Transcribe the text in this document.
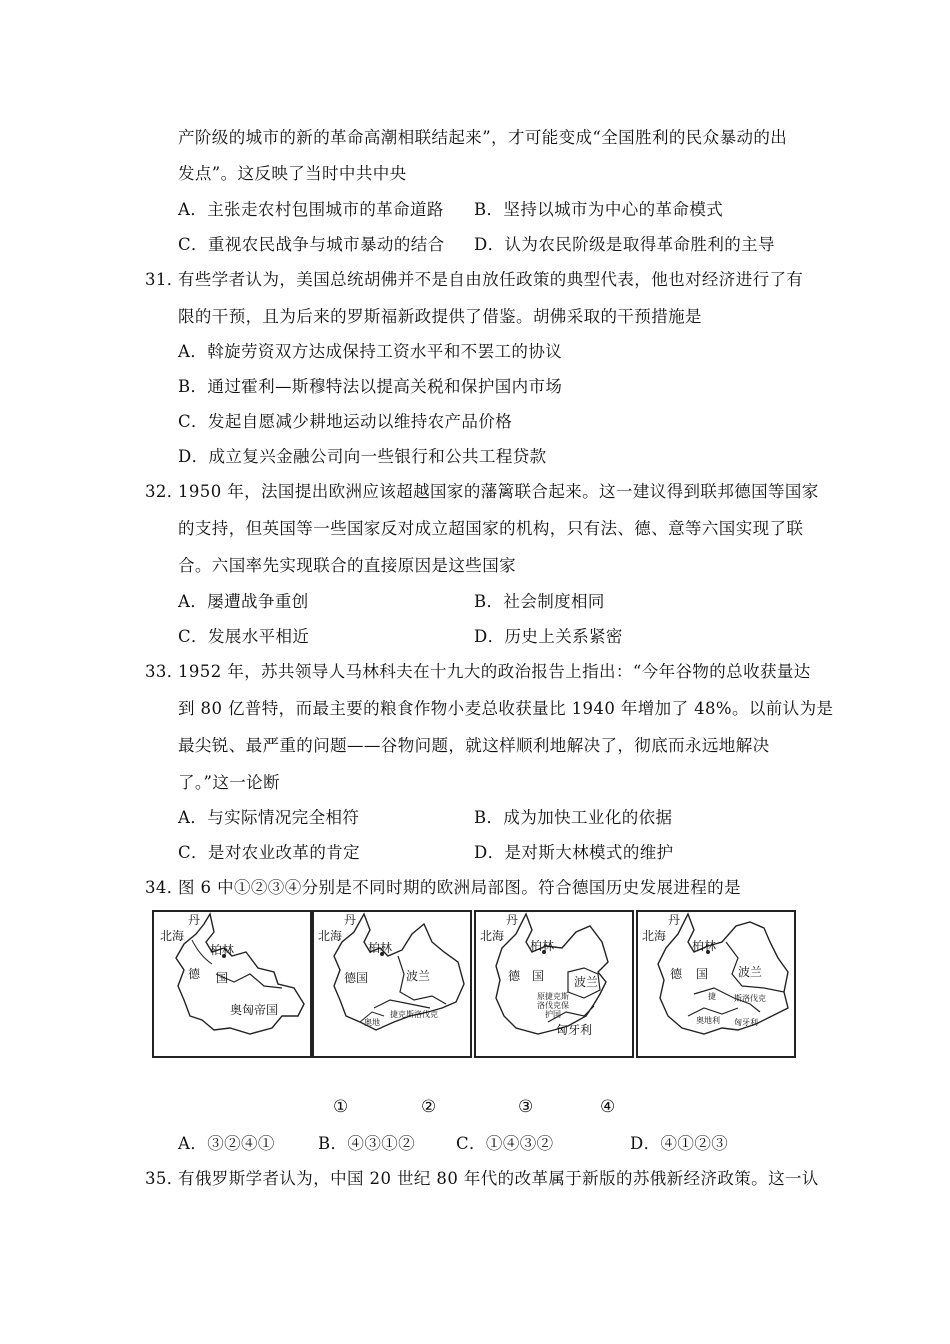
产阶级的城市的新的革命高潮相联结起来”，才可能变成“全国胜利的民众暴动的出
发点”。这反映了当时中共中央
A．主张走农村包围城市的革命道路 B．坚持以城市为中心的革命模式
C．重视农民战争与城市暴动的结合 D．认为农民阶级是取得革命胜利的主导
31．
有些学者认为，美国总统胡佛并不是自由放任政策的典型代表，他也对经济进行了有
限的干预，且为后来的罗斯福新政提供了借鉴。胡佛采取的干预措施是
A．斡旋劳资双方达成保持工资水平和不罢工的协议
B．通过霍利—斯穆特法以提高关税和保护国内市场
C．发起自愿减少耕地运动以维持农产品价格
D．成立复兴金融公司向一些银行和公共工程贷款
32．
1950 年，法国提出欧洲应该超越国家的藩篱联合起来。这一建议得到联邦德国等国家
的支持，但英国等一些国家反对成立超国家的机构，只有法、德、意等六国实现了联
合。六国率先实现联合的直接原因是这些国家
A．屡遭战争重创	B．社会制度相同
C．发展水平相近	D．历史上关系紧密
33．
1952 年，苏共领导人马林科夫在十九大的政治报告上指出：“今年谷物的总收获量达
到 80 亿普特，而最主要的粮食作物小麦总收获量比 1940 年增加了 48%。以前认为是
最尖锐、最严重的问题——谷物问题，就这样顺利地解决了，彻底而永远地解决
了。”这一论断
A．与实际情况完全相符	B．成为加快工业化的依据
C．是对农业改革的肯定	D．是对斯大林模式的维护
34．
图 6 中①②③④分别是不同时期的欧洲局部图。符合德国历史发展进程的是
丹
北海
柏林
德 国
奥匈帝国
丹
北海
柏林
德国	波兰
捷克斯洛伐克
奥地
丹
北海
柏林
德 国 波兰
原捷克斯洛伐克保护国
匈牙利
丹
北海
柏林
德 国 波兰
捷 斯洛伐克
奥地利 匈牙利
①	②	③	④
A．③②④①	B．④③①② C．①④③②	D．④①②③
35．
有俄罗斯学者认为，中国 20 世纪 80 年代的改革属于新版的苏俄新经济政策。这一认
